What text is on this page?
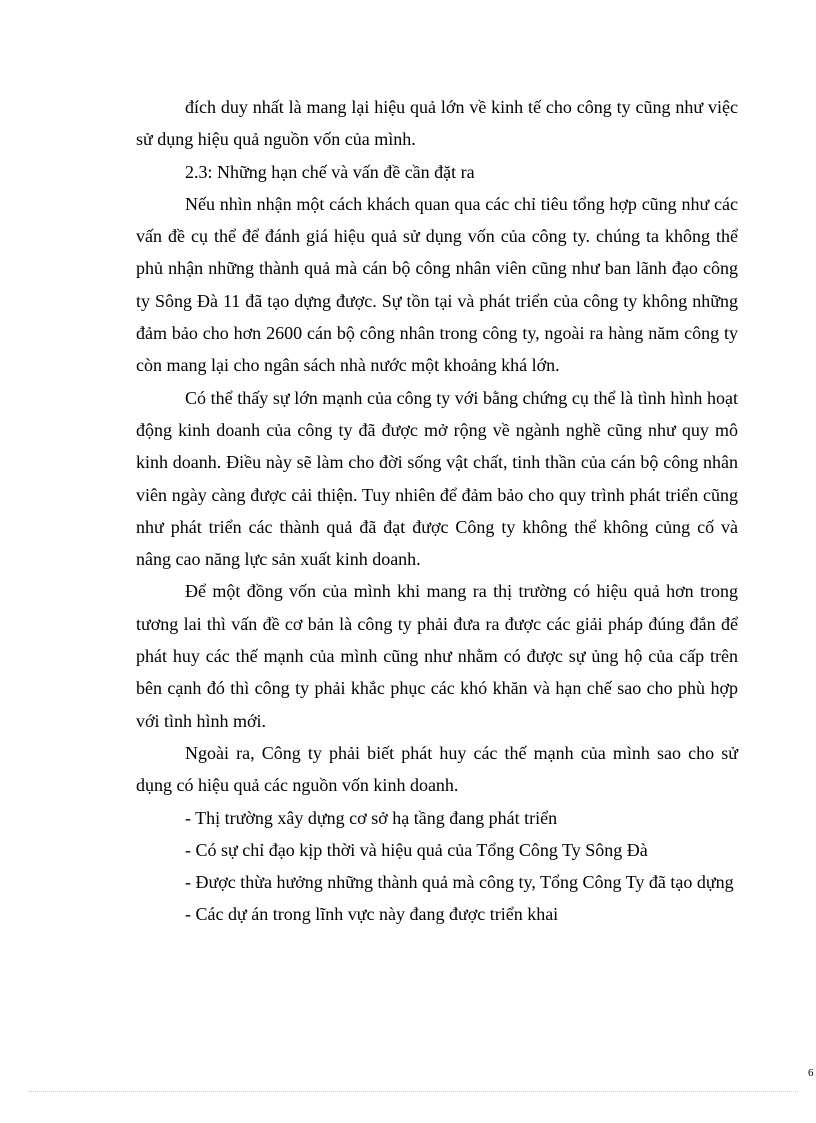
đích duy nhất là mang lại hiệu quả lớn về kinh tế cho công ty cũng như việc sử dụng hiệu quả nguồn vốn của mình.

2.3: Những hạn chế và vấn đề cần đặt ra

Nếu nhìn nhận một cách khách quan qua các chỉ tiêu tổng hợp cũng như các vấn đề cụ thể để đánh giá hiệu quả sử dụng vốn của công ty. chúng ta không thể phủ nhận những thành quả mà cán bộ công nhân viên cũng như ban lãnh đạo công ty Sông Đà 11 đã tạo dựng được. Sự tồn tại và phát triển của công ty không những đảm bảo cho hơn 2600 cán bộ công nhân trong công ty, ngoài ra hàng năm công ty còn mang lại cho ngân sách nhà nước một khoảng khá lớn.

Có thể thấy sự lớn mạnh của công ty với bằng chứng cụ thể là tình hình hoạt động kinh doanh của công ty đã được mở rộng về ngành nghề cũng như quy mô kinh doanh. Điều này sẽ làm cho đời sống vật chất, tinh thần của cán bộ công nhân viên ngày càng được cải thiện. Tuy nhiên để đảm bảo cho quy trình phát triển cũng như phát triển các thành quả đã đạt được Công ty không thể không củng cố và nâng cao năng lực sản xuất kinh doanh.

Để một đồng vốn của mình khi mang ra thị trường có hiệu quả hơn trong tương lai thì vấn đề cơ bản là công ty phải đưa ra được các giải pháp đúng đắn để phát huy các thế mạnh của mình cũng như nhằm có được sự ủng hộ của cấp trên bên cạnh đó thì công ty phải khắc phục các khó khăn và hạn chế sao cho phù hợp với tình hình mới.

Ngoài ra, Công ty phải biết phát huy các thế mạnh của mình sao cho sử dụng có hiệu quả các nguồn vốn kinh doanh.

- Thị trường xây dựng cơ sở hạ tầng đang phát triển

- Có sự chỉ đạo kịp thời và hiệu quả của Tổng Công Ty Sông Đà

- Được thừa hưởng những thành quả mà công ty, Tổng Công Ty đã tạo dựng

- Các dự án trong lĩnh vực này đang được triển khai

6
